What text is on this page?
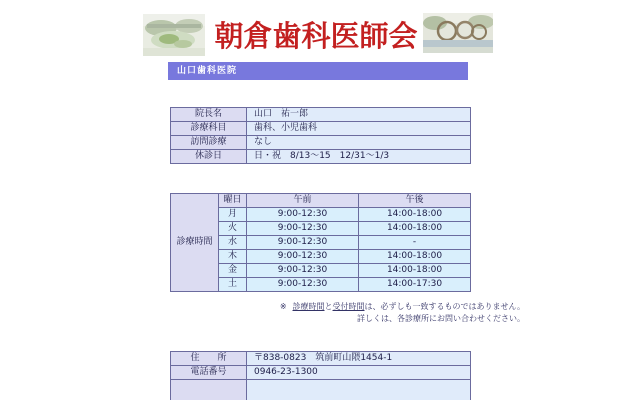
朝倉歯科医師会
山口歯科医院
院長名	山口　祐一郎
診療科目	歯科、小児歯科
訪問診療	なし
休診日	日・祝　8/13～15　12/31～1/3
診療時間	曜日	午前	午後
	月	9:00-12:30	14:00-18:00
	火	9:00-12:30	14:00-18:00
	水	9:00-12:30	-
	木	9:00-12:30	14:00-18:00
	金	9:00-12:30	14:00-18:00
	土	9:00-12:30	14:00-17:30
※ 診療時間と受付時間は、必ずしも一致するものではありません。
詳しくは、各診療所にお問い合わせください。
住　　所	〒838-0823　筑前町山隈1454-1
電話番号	0946-23-1300
